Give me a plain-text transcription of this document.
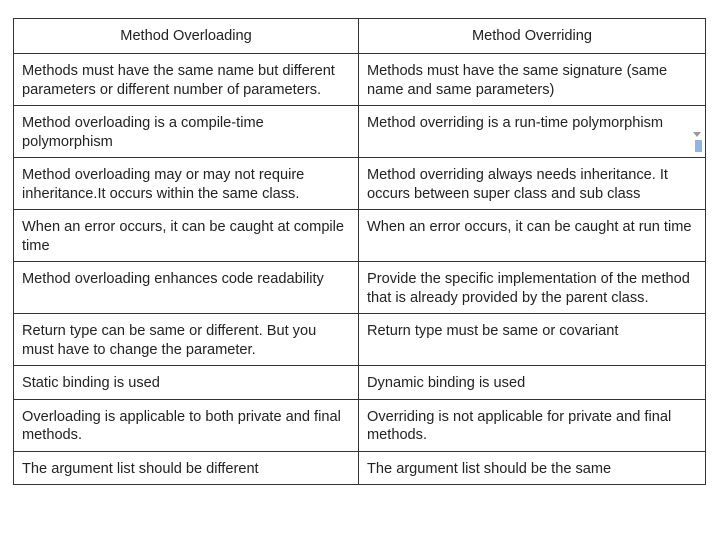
Method Overloading	Method Overriding
Methods must have the same name but different parameters or different number of parameters.	Methods must have the same signature (same name and same parameters)
Method overloading is a compile-time polymorphism	Method overriding is a run-time polymorphism
Method overloading may or may not require inheritance.It occurs within the same class.	Method overriding always needs inheritance. It occurs between super class and sub class
When an error occurs, it can be caught at compile time	When an error occurs, it can be caught at run time
Method overloading enhances code readability	Provide the specific implementation of the method that is already provided by the parent class.
Return type can be same or different. But you must have to change the parameter.	Return type must be same or covariant
Static binding is used	Dynamic binding is used
Overloading is applicable to both private and final methods.	Overriding is not applicable for private and final methods.
The argument list should be different	The argument list should be the same
